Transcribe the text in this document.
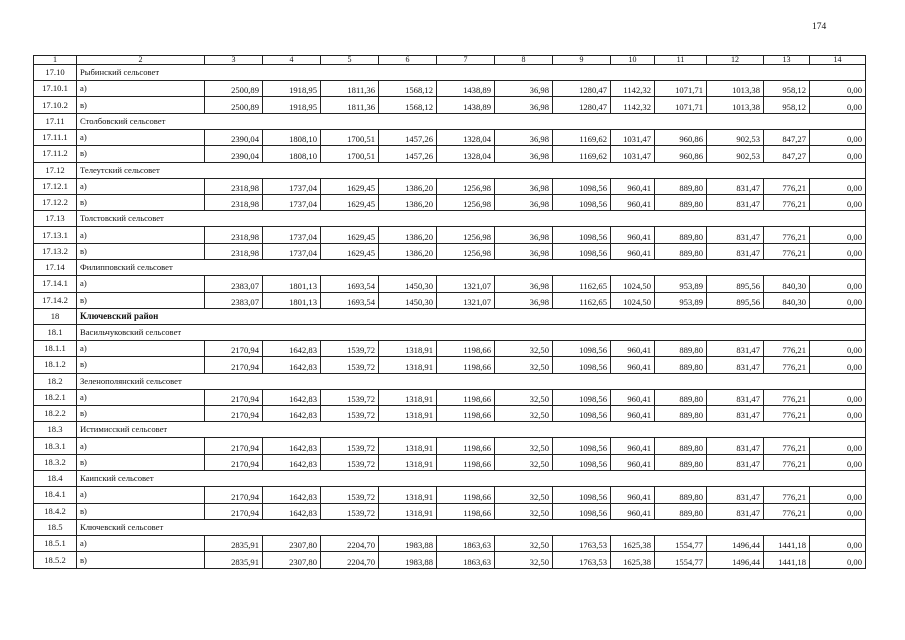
174
1	2	3	4	5	6	7	8	9	10	11	12	13	14
17.10	Рыбинский сельсовет												
17.10.1	а)	2500,89	1918,95	1811,36	1568,12	1438,89	36,98	1280,47	1142,32	1071,71	1013,38	958,12	0,00
17.10.2	в)	2500,89	1918,95	1811,36	1568,12	1438,89	36,98	1280,47	1142,32	1071,71	1013,38	958,12	0,00
17.11	Столбовский сельсовет												
17.11.1	а)	2390,04	1808,10	1700,51	1457,26	1328,04	36,98	1169,62	1031,47	960,86	902,53	847,27	0,00
17.11.2	в)	2390,04	1808,10	1700,51	1457,26	1328,04	36,98	1169,62	1031,47	960,86	902,53	847,27	0,00
17.12	Телеутский сельсовет												
17.12.1	а)	2318,98	1737,04	1629,45	1386,20	1256,98	36,98	1098,56	960,41	889,80	831,47	776,21	0,00
17.12.2	в)	2318,98	1737,04	1629,45	1386,20	1256,98	36,98	1098,56	960,41	889,80	831,47	776,21	0,00
17.13	Толстовский сельсовет												
17.13.1	а)	2318,98	1737,04	1629,45	1386,20	1256,98	36,98	1098,56	960,41	889,80	831,47	776,21	0,00
17.13.2	в)	2318,98	1737,04	1629,45	1386,20	1256,98	36,98	1098,56	960,41	889,80	831,47	776,21	0,00
17.14	Филипповский сельсовет												
17.14.1	а)	2383,07	1801,13	1693,54	1450,30	1321,07	36,98	1162,65	1024,50	953,89	895,56	840,30	0,00
17.14.2	в)	2383,07	1801,13	1693,54	1450,30	1321,07	36,98	1162,65	1024,50	953,89	895,56	840,30	0,00
18	Ключевский район												
18.1	Васильчуковский сельсовет												
18.1.1	а)	2170,94	1642,83	1539,72	1318,91	1198,66	32,50	1098,56	960,41	889,80	831,47	776,21	0,00
18.1.2	в)	2170,94	1642,83	1539,72	1318,91	1198,66	32,50	1098,56	960,41	889,80	831,47	776,21	0,00
18.2	Зеленополянский сельсовет												
18.2.1	а)	2170,94	1642,83	1539,72	1318,91	1198,66	32,50	1098,56	960,41	889,80	831,47	776,21	0,00
18.2.2	в)	2170,94	1642,83	1539,72	1318,91	1198,66	32,50	1098,56	960,41	889,80	831,47	776,21	0,00
18.3	Истимисский сельсовет												
18.3.1	а)	2170,94	1642,83	1539,72	1318,91	1198,66	32,50	1098,56	960,41	889,80	831,47	776,21	0,00
18.3.2	в)	2170,94	1642,83	1539,72	1318,91	1198,66	32,50	1098,56	960,41	889,80	831,47	776,21	0,00
18.4	Каипский сельсовет												
18.4.1	а)	2170,94	1642,83	1539,72	1318,91	1198,66	32,50	1098,56	960,41	889,80	831,47	776,21	0,00
18.4.2	в)	2170,94	1642,83	1539,72	1318,91	1198,66	32,50	1098,56	960,41	889,80	831,47	776,21	0,00
18.5	Ключевский сельсовет												
18.5.1	а)	2835,91	2307,80	2204,70	1983,88	1863,63	32,50	1763,53	1625,38	1554,77	1496,44	1441,18	0,00
18.5.2	в)	2835,91	2307,80	2204,70	1983,88	1863,63	32,50	1763,53	1625,38	1554,77	1496,44	1441,18	0,00
